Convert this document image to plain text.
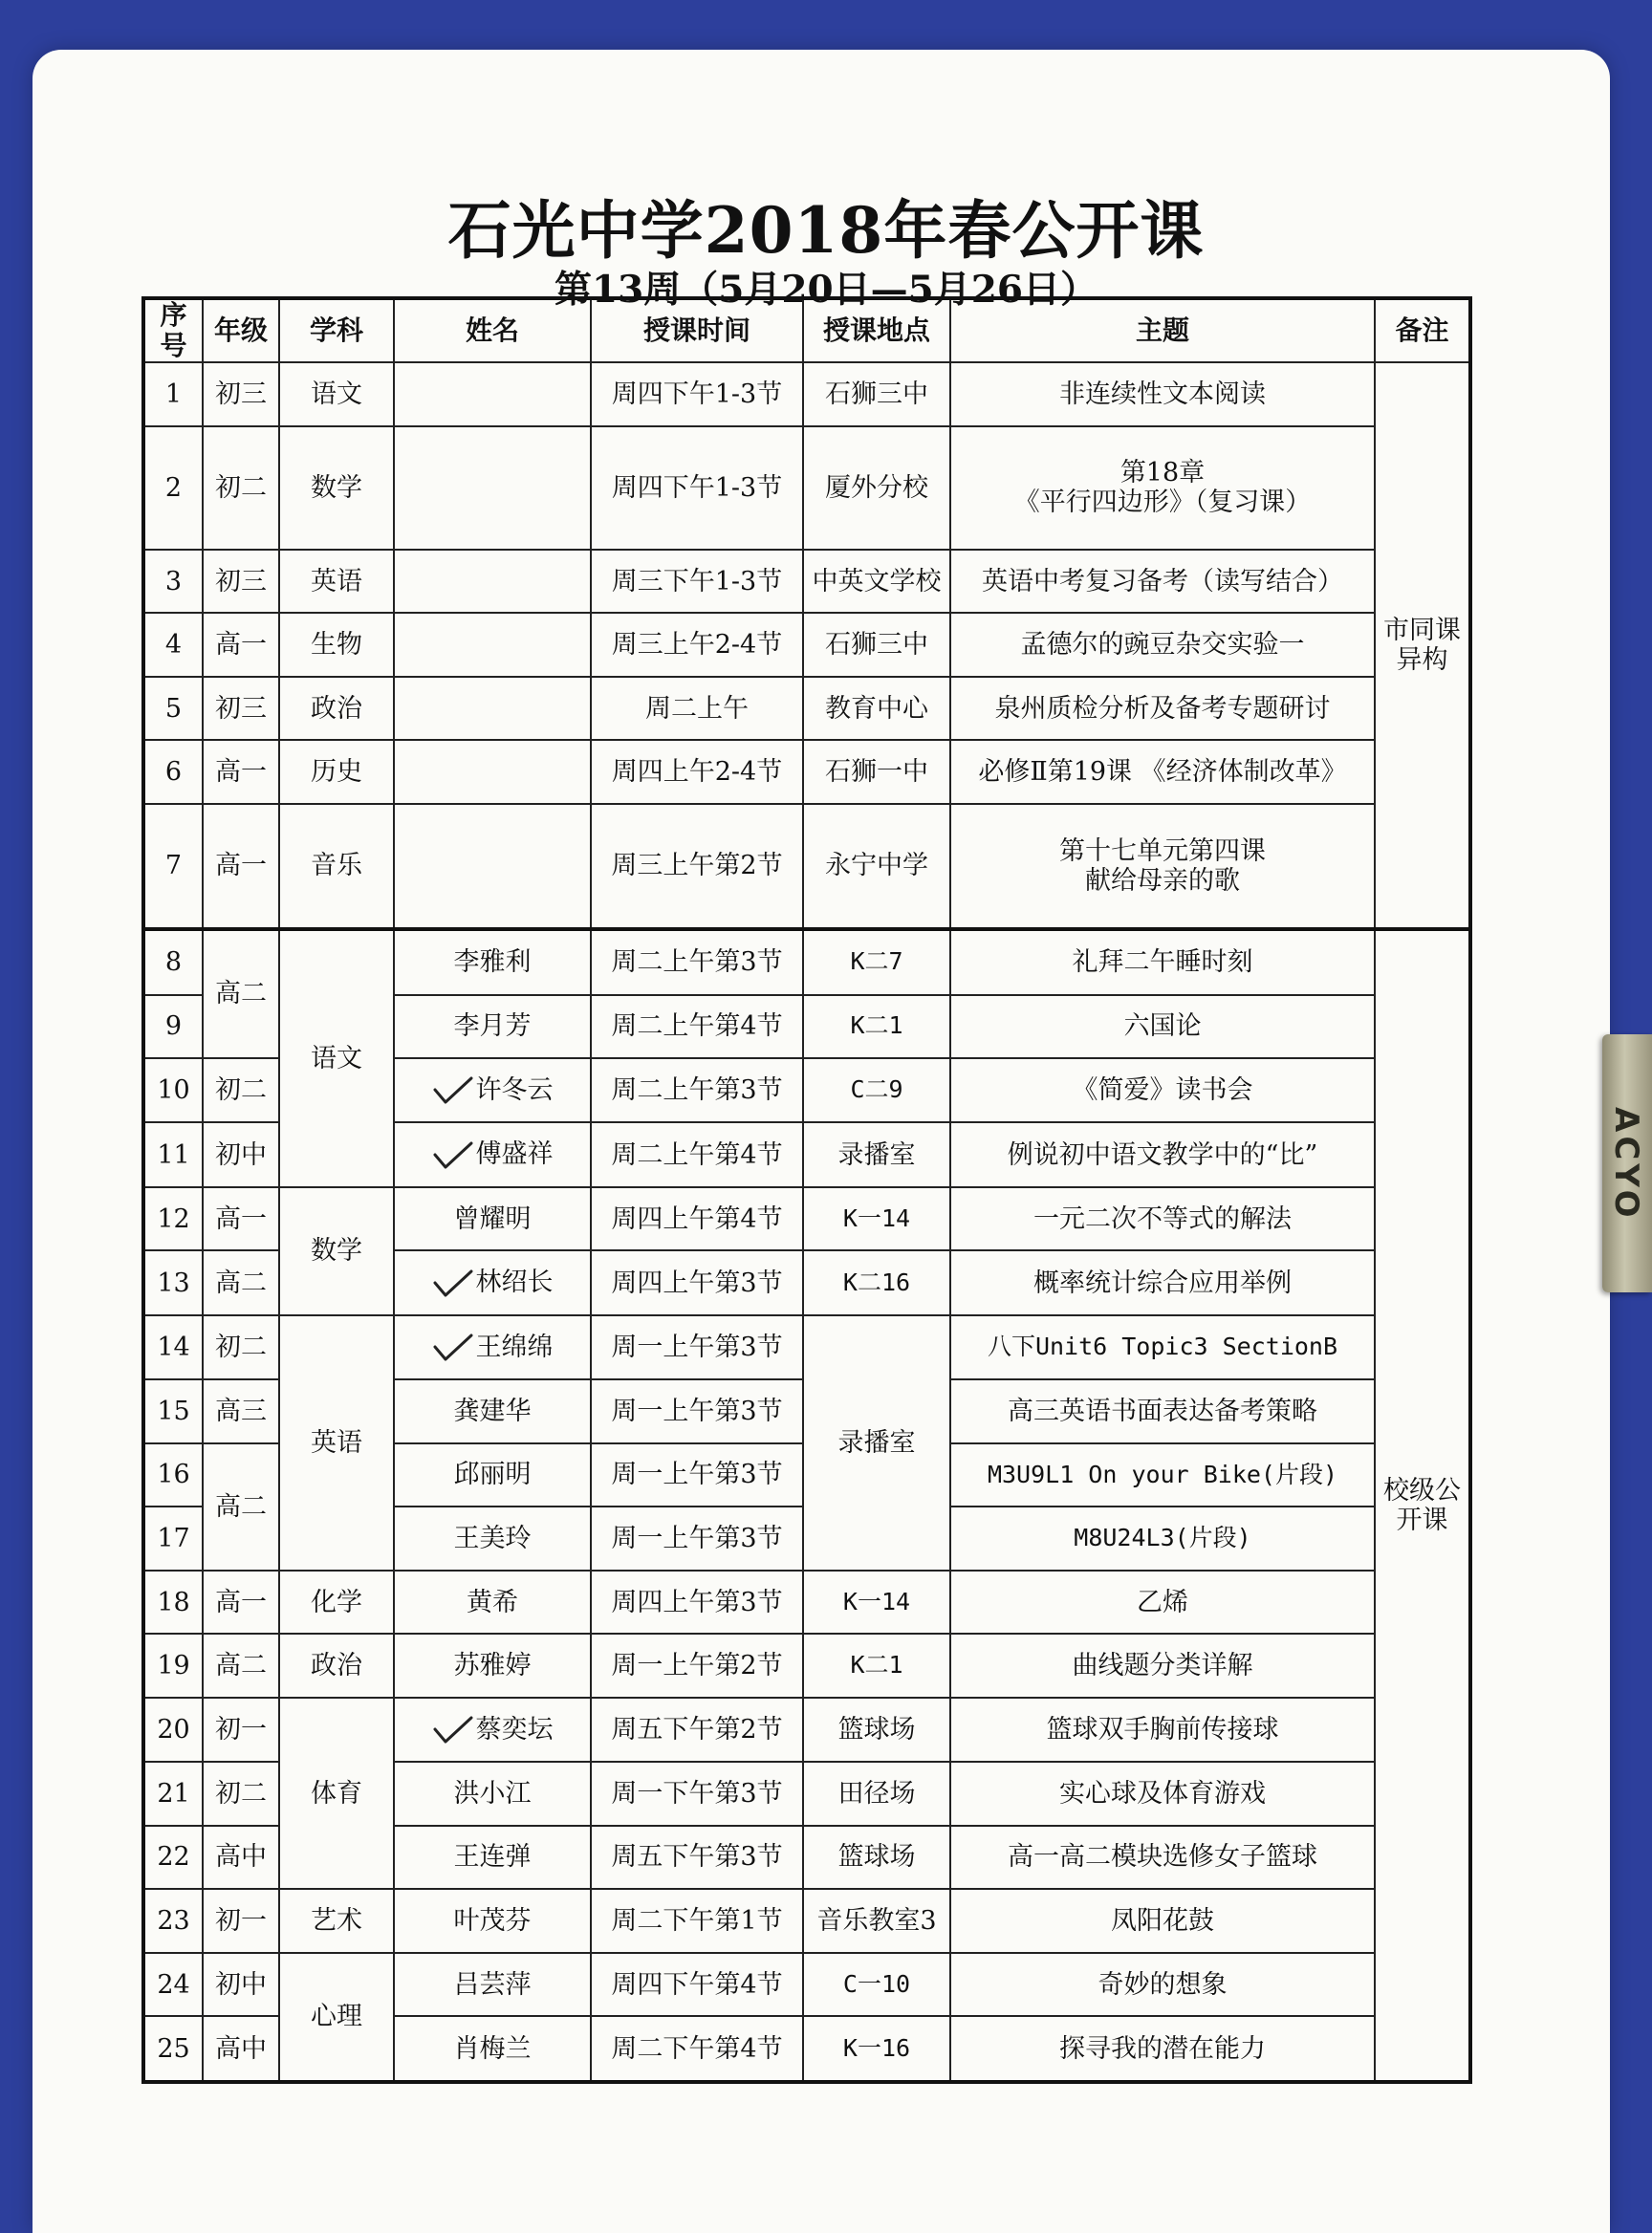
ACYO
石光中学2018年春公开课
第13周（5月20日—5月26日）
序号	年级	学科	姓名	授课时间	授课地点	主题	备注
1	初三	语文		周四下午1-3节	石狮三中	非连续性文本阅读	市同课异构
2	初二	数学		周四下午1-3节	厦外分校	第18章
《平行四边形》（复习课）	

3	初三	英语		周三下午1-3节	中英文学校	英语中考复习备考（读写结合）	
4	高一	生物		周三上午2-4节	石狮三中	孟德尔的豌豆杂交实验一	
5	初三	政治		周二上午	教育中心	泉州质检分析及备考专题研讨	
6	高一	历史		周四上午2-4节	石狮一中	必修Ⅱ第19课 《经济体制改革》	
7	高一	音乐		周三上午第2节	永宁中学	第十七单元第四课
献给母亲的歌	

8	高二	语文	李雅利	周二上午第3节	K二7	礼拜二午睡时刻	校级公开课
9			李月芳	周二上午第4节	K二1	六国论	
10	初二		许冬云	周二上午第3节	C二9	《简爱》读书会	
11	初中		傅盛祥	周二上午第4节	录播室	例说初中语文教学中的“比”	
12	高一	数学	曾耀明	周四上午第4节	K一14	一元二次不等式的解法	
13	高二		林绍长	周四上午第3节	K二16	概率统计综合应用举例	
14	初二	英语	王绵绵	周一上午第3节	录播室	八下Unit6 Topic3 SectionB	
15	高三		龚建华	周一上午第3节		高三英语书面表达备考策略	
16	高二		邱丽明	周一上午第3节		M3U9L1 On your Bike(片段)	
17			王美玲	周一上午第3节		M8U24L3(片段)	
18	高一	化学	黄希	周四上午第3节	K一14	乙烯	
19	高二	政治	苏雅婷	周一上午第2节	K二1	曲线题分类详解	
20	初一	体育	蔡奕坛	周五下午第2节	篮球场	篮球双手胸前传接球	
21	初二		洪小江	周一下午第3节	田径场	实心球及体育游戏	
22	高中		王连弹	周五下午第3节	篮球场	高一高二模块选修女子篮球	
23	初一	艺术	叶茂芬	周二下午第1节	音乐教室3	凤阳花鼓	
24	初中	心理	吕芸萍	周四下午第4节	C一10	奇妙的想象	
25	高中		肖梅兰	周二下午第4节	K一16	探寻我的潜在能力	
